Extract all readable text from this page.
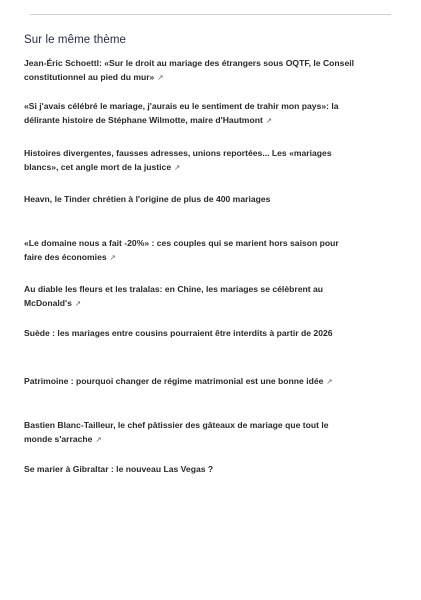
Sur le même thème
Jean-Éric Schoettl: «Sur le droit au mariage des étrangers sous OQTF, le Conseil constitutionnel au pied du mur» ↗
«Si j'avais célébré le mariage, j'aurais eu le sentiment de trahir mon pays»: la délirante histoire de Stéphane Wilmotte, maire d'Hautmont ↗
Histoires divergentes, fausses adresses, unions reportées... Les «mariages blancs», cet angle mort de la justice ↗
Heavn, le Tinder chrétien à l'origine de plus de 400 mariages
«Le domaine nous a fait -20%» : ces couples qui se marient hors saison pour faire des économies ↗
Au diable les fleurs et les tralalas: en Chine, les mariages se célèbrent au McDonald's ↗
Suède : les mariages entre cousins pourraient être interdits à partir de 2026
Patrimoine : pourquoi changer de régime matrimonial est une bonne idée ↗
Bastien Blanc-Tailleur, le chef pâtissier des gâteaux de mariage que tout le monde s'arrache ↗
Se marier à Gibraltar : le nouveau Las Vegas ?
